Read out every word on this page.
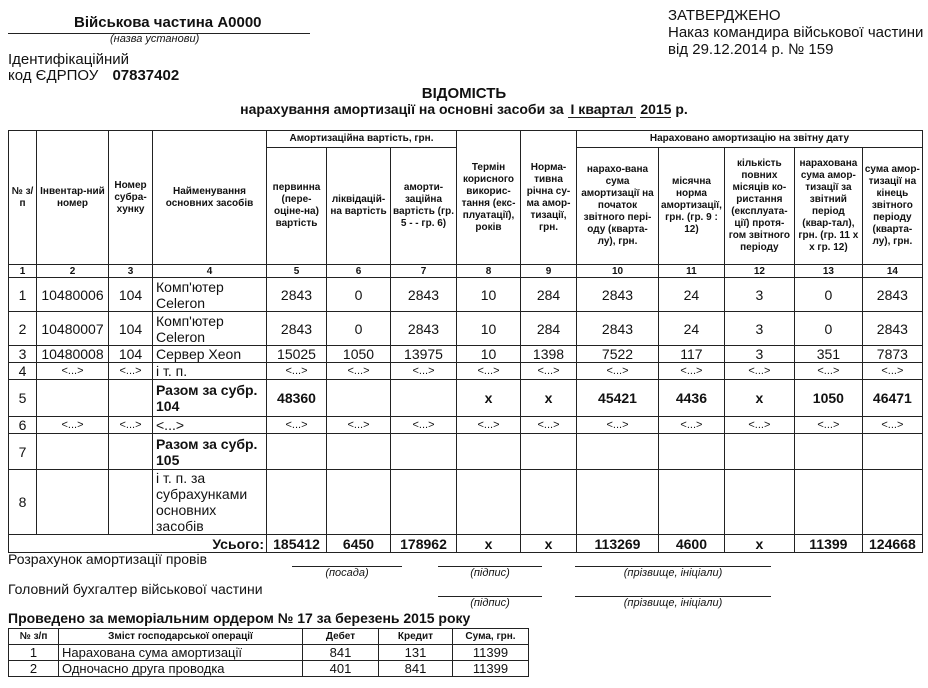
Військова частина А0000
(назва установи)
ЗАТВЕРДЖЕНО
Наказ командира військової частини
від 29.12.2014 р. № 159
Ідентифікаційний
код ЄДРПОУ 07837402
ВІДОМІСТЬ
нарахування амортизації на основні засоби за І квартал 2015 р.
№ з/п	Інвентар-ний номер	Номер субра-хунку	Найменування основних засобів	Амортизаційна вартість, грн.			Термін корисного викорис-тання (екс-плуатації), років	Норма-тивна річна су-ма амор-тизації, грн.	Нараховано амортизацію на звітну дату				
				первинна (пере-оціне-на) вартість	ліквідацій-на вартість	аморти-заційна вартість (гр. 5 - - гр. 6)			нарахо-вана сума амортизації на початок звітного пері-оду (кварта-лу), грн.	місячна норма амортизації, грн. (гр. 9 : 12)	кількість повних місяців ко-ристання (експлуата-ції) протя-гом звітного періоду	нарахована сума амор-тизації за звітний період (квар-тал), грн. (гр. 11 х х гр. 12)	сума амор-тизації на кінець звітного періоду (кварта-лу), грн.
1	2	3	4	5	6	7	8	9	10	11	12	13	14
1	10480006	104	Комп'ютер Celeron	2843	0	2843	10	284	2843	24	3	0	2843
2	10480007	104	Комп'ютер Celeron	2843	0	2843	10	284	2843	24	3	0	2843
3	10480008	104	Сервер Xeon	15025	1050	13975	10	1398	7522	117	3	351	7873
4	<...>	<...>	і т. п.	<...>	<...>	<...>	<...>	<...>	<...>	<...>	<...>	<...>	<...>
5			Разом за субр. 104	48360			х	х	45421	4436	х	1050	46471
6	<...>	<...>	<...>	<...>	<...>	<...>	<...>	<...>	<...>	<...>	<...>	<...>	<...>
7			Разом за субр. 105										
8			і т. п. за субрахунками основних засобів										
Усього:				185412	6450	178962	х	х	113269	4600	х	11399	124668
Розрахунок амортизації провів
(посада)	(підпис)	(прізвище, ініціали)
Головний бухгалтер військової частини
(підпис)	(прізвище, ініціали)
Проведено за меморіальним ордером № 17 за березень 2015 року
№ з/п	Зміст господарської операції	Дебет	Кредит	Сума, грн.
1	Нарахована сума амортизації	841	131	11399
2	Одночасно друга проводка	401	841	11399
